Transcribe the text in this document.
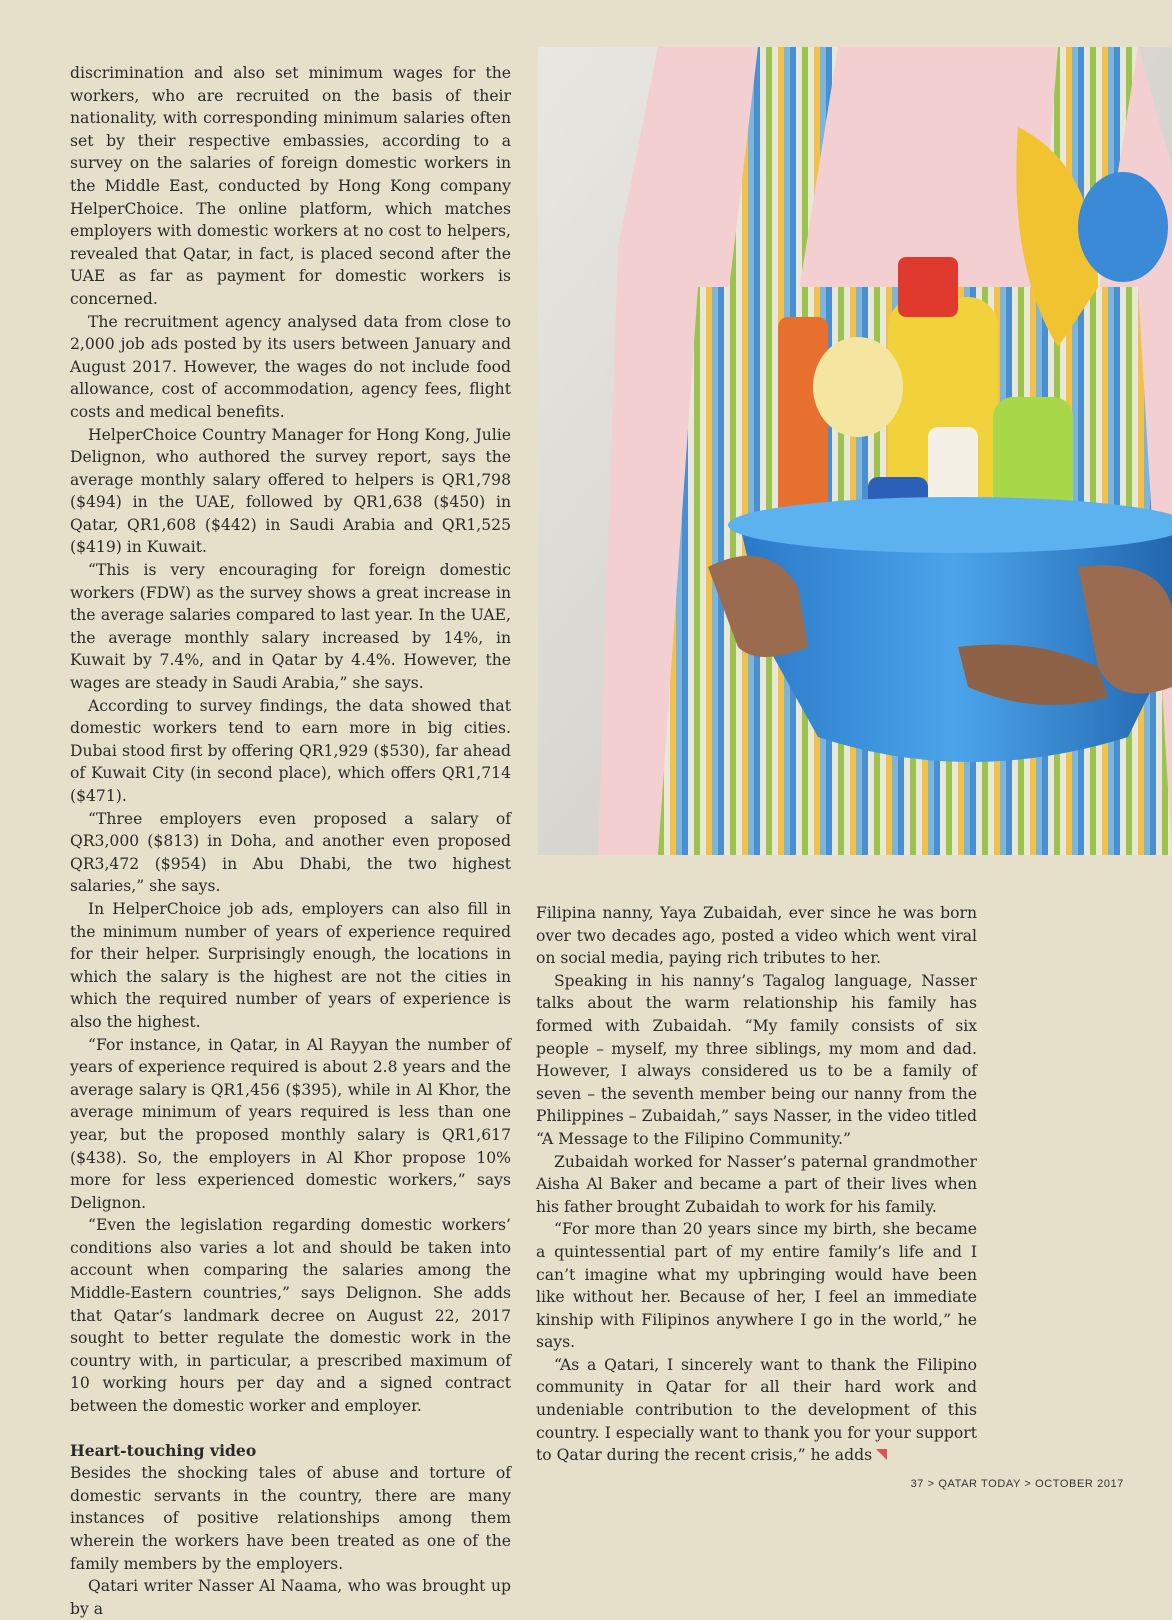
discrimination and also set minimum wages for the workers, who are recruited on the basis of their nationality, with corresponding minimum salaries often set by their respective embassies, according to a survey on the salaries of foreign domestic workers in the Middle East, conducted by Hong Kong company HelperChoice. The online platform, which matches employers with domestic workers at no cost to helpers, revealed that Qatar, in fact, is placed second after the UAE as far as payment for domestic workers is concerned.

The recruitment agency analysed data from close to 2,000 job ads posted by its users between January and August 2017. However, the wages do not include food allowance, cost of accommodation, agency fees, flight costs and medical benefits.

HelperChoice Country Manager for Hong Kong, Julie Delignon, who authored the survey report, says the average monthly salary offered to helpers is QR1,798 ($494) in the UAE, followed by QR1,638 ($450) in Qatar, QR1,608 ($442) in Saudi Arabia and QR1,525 ($419) in Kuwait.

“This is very encouraging for foreign domestic workers (FDW) as the survey shows a great increase in the average salaries compared to last year. In the UAE, the average monthly salary increased by 14%, in Kuwait by 7.4%, and in Qatar by 4.4%. However, the wages are steady in Saudi Arabia,” she says.

According to survey findings, the data showed that domestic workers tend to earn more in big cities. Dubai stood first by offering QR1,929 ($530), far ahead of Kuwait City (in second place), which offers QR1,714 ($471).

“Three employers even proposed a salary of QR3,000 ($813) in Doha, and another even proposed QR3,472 ($954) in Abu Dhabi, the two highest salaries,” she says.

In HelperChoice job ads, employers can also fill in the minimum number of years of experience required for their helper. Surprisingly enough, the locations in which the salary is the highest are not the cities in which the required number of years of experience is also the highest.

“For instance, in Qatar, in Al Rayyan the number of years of experience required is about 2.8 years and the average salary is QR1,456 ($395), while in Al Khor, the average minimum of years required is less than one year, but the proposed monthly salary is QR1,617 ($438). So, the employers in Al Khor propose 10% more for less experienced domestic workers,” says Delignon.

“Even the legislation regarding domestic workers’ conditions also varies a lot and should be taken into account when comparing the salaries among the Middle-Eastern countries,” says Delignon. She adds that Qatar’s landmark decree on August 22, 2017 sought to better regulate the domestic work in the country with, in particular, a prescribed maximum of 10 working hours per day and a signed contract between the domestic worker and employer.

Heart-touching video

Besides the shocking tales of abuse and torture of domestic servants in the country, there are many instances of positive relationships among them wherein the workers have been treated as one of the family members by the employers.

Qatari writer Nasser Al Naama, who was brought up by a

Filipina nanny, Yaya Zubaidah, ever since he was born over two decades ago, posted a video which went viral on social media, paying rich tributes to her.

Speaking in his nanny’s Tagalog language, Nasser talks about the warm relationship his family has formed with Zubaidah. “My family consists of six people – myself, my three siblings, my mom and dad. However, I always considered us to be a family of seven – the seventh member being our nanny from the Philippines – Zubaidah,” says Nasser, in the video titled “A Message to the Filipino Community.”

Zubaidah worked for Nasser’s paternal grandmother Aisha Al Baker and became a part of their lives when his father brought Zubaidah to work for his family.

“For more than 20 years since my birth, she became a quintessential part of my entire family’s life and I can’t imagine what my upbringing would have been like without her. Because of her, I feel an immediate kinship with Filipinos anywhere I go in the world,” he says.

“As a Qatari, I sincerely want to thank the Filipino community in Qatar for all their hard work and undeniable contribution to the development of this country. I especially want to thank you for your support to Qatar during the recent crisis,” he adds

37 > QATAR TODAY > OCTOBER 2017
